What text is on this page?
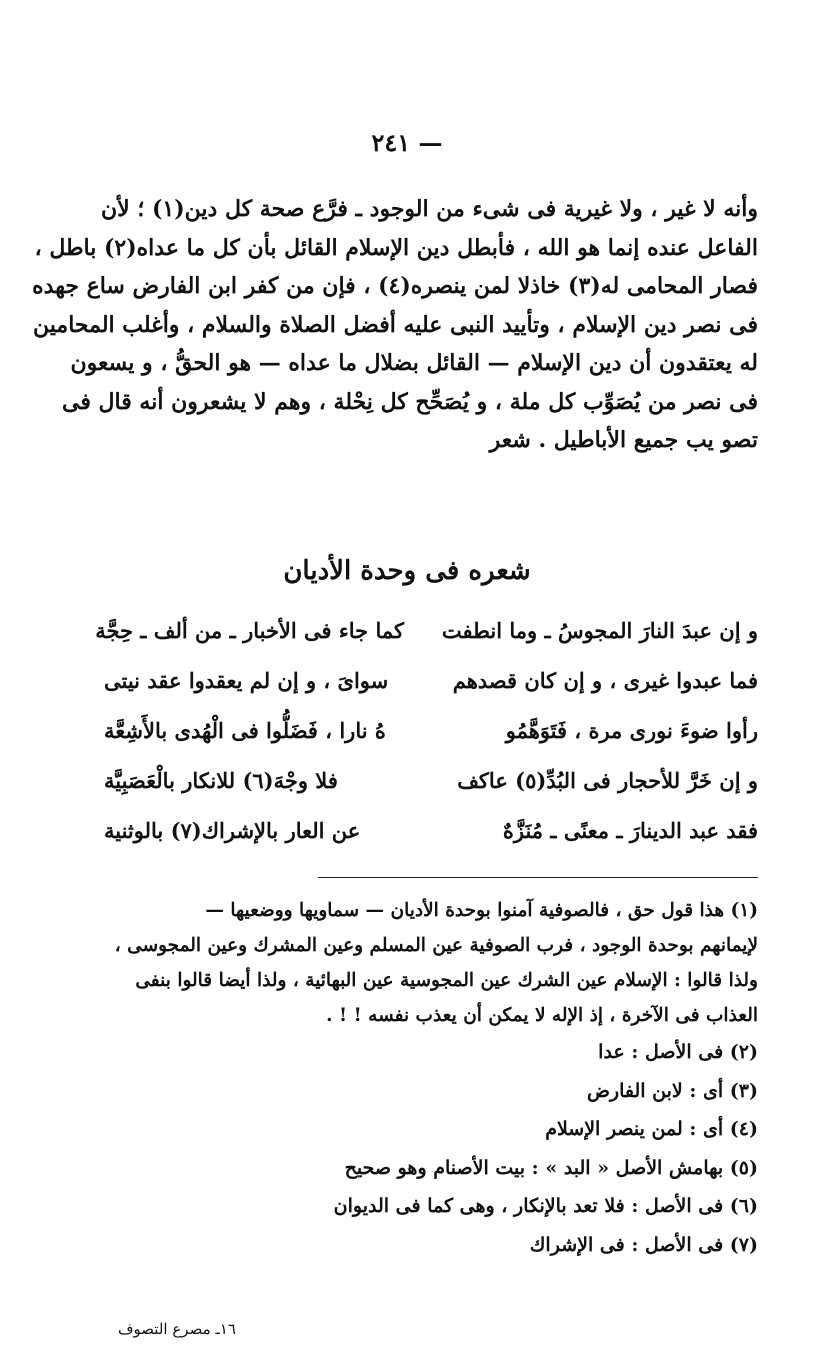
— ٢٤١
وأنه لا غير ، ولا غيرية فى شىء من الوجود ـ فرَّع صحة كل دين(١) ؛ لأن
الفاعل عنده إنما هو الله ، فأبطل دين الإسلام القائل بأن كل ما عداه(٢) باطل ،
فصار المحامى له(٣) خاذلا لمن ينصره(٤) ، فإن من كفر ابن الفارض ساع جهده
فى نصر دين الإسلام ، وتأييد النبى عليه أفضل الصلاة والسلام ، وأغلب المحامين
له يعتقدون أن دين الإسلام — القائل بضلال ما عداه — هو الحقُّ ، و يسعون
فى نصر من يُصَوِّب كل ملة ، و يُصَحِّح كل نِحْلة ، وهم لا يشعرون أنه قال فى
تصو يب جميع الأباطيل . شعر
شعره فى وحدة الأديان
و إن عبدَ النارَ المجوسُ ـ وما انطفت
كما جاء فى الأخبار ـ من ألف ـ حِجَّة
فما عبدوا غيرى ، و إن كان قصدهم
سواىَ ، و إن لم يعقدوا عقد نيتى
رأوا ضوءَ نورى مرة ، فَتَوَهَّمُو
هُ نارا ، فَضَلُّوا فى الْهُدى بالأَشِعَّة
و إن خَرَّ للأحجار فى البُدِّ(٥) عاكف
فلا وجْهَ(٦) للانكار بالْعَصَبِيَّة
فقد عبد الدينارَ ـ معنًى ـ مُنَزَّهٌ
عن العار بالإشراك(٧) بالوثنية
(١) هذا قول حق ، فالصوفية آمنوا بوحدة الأديان — سماويها ووضعيها —
لإيمانهم بوحدة الوجود ، فرب الصوفية عين المسلم وعين المشرك وعين المجوسى ،
ولذا قالوا : الإسلام عين الشرك عين المجوسية عين البهائية ، ولذا أيضا قالوا بنفى
العذاب فى الآخرة ، إذ الإله لا يمكن أن يعذب نفسه ! ! .
(٢) فى الأصل : عدا
(٣) أى : لابن الفارض
(٤) أى : لمن ينصر الإسلام
(٥) بهامش الأصل « البد » : بيت الأصنام وهو صحيح
(٦) فى الأصل : فلا تعد بالإنكار ، وهى كما فى الديوان
(٧) فى الأصل : فى الإشراك
١٦ـ مصرع التصوف
